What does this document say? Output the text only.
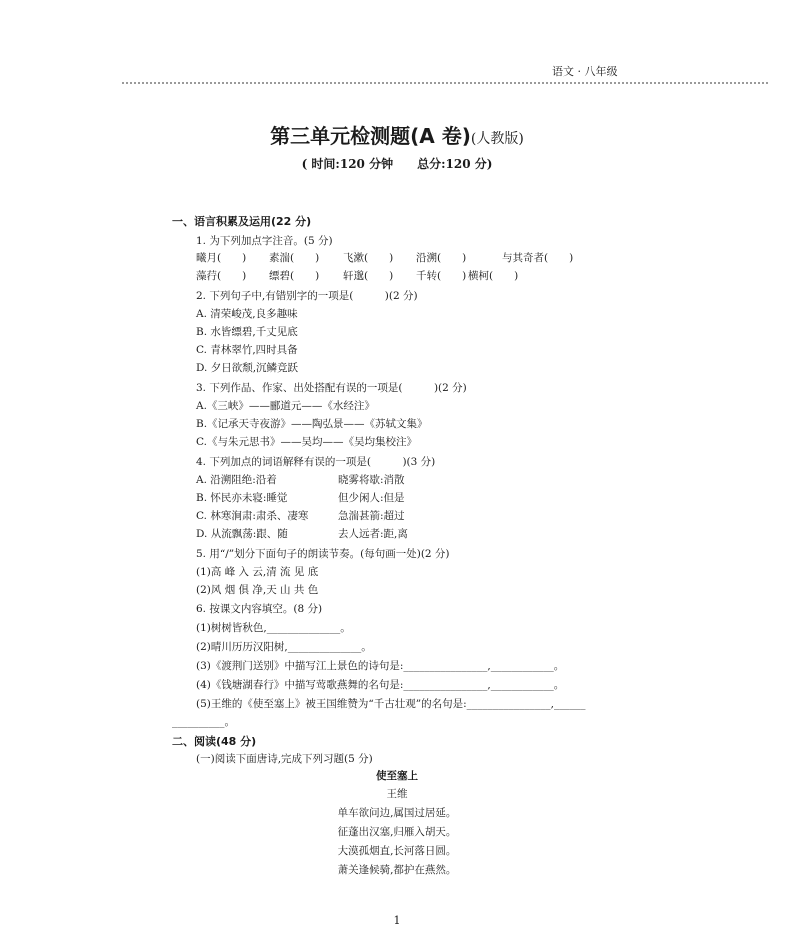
语文 · 八年级
第三单元检测题(A 卷)(人教版)
( 时间:120 分钟　　总分:120 分)
一、语言积累及运用(22 分)
1. 为下列加点字注音。(5 分)
曦月(　　) 素湍(　　) 飞漱(　　) 沿溯(　　)	与其奇者(　　)
藻荇(　　) 缥碧(　　) 轩邈(　　) 千转(　　) 横柯(　　)
2. 下列句子中,有错别字的一项是(　　　)(2 分)
A. 清荣峻茂,良多趣味
B. 水皆缥碧,千丈见底
C. 青林翠竹,四时具备
D. 夕日欲颓,沉鳞竞跃
3. 下列作品、作家、出处搭配有误的一项是(　　　)(2 分)
A.《三峡》——郦道元——《水经注》
B.《记承天寺夜游》——陶弘景——《苏轼文集》
C.《与朱元思书》——吴均——《吴均集校注》
4. 下列加点的词语解释有误的一项是(　　　)(3 分)
A. 沿溯阻绝:沿着	晓雾将歇:消散
B. 怀民亦未寝:睡觉	但少闲人:但是
C. 林寒涧肃:肃杀、凄寒	急湍甚箭:超过
D. 从流飘荡:跟、随	去人远者:距,离
5. 用“/”划分下面句子的朗读节奏。(每句画一处)(2 分)
(1)高 峰 入 云,清 流 见 底
(2)风 烟 俱 净,天 山 共 色
6. 按课文内容填空。(8 分)
(1)树树皆秋色,______________。
(2)晴川历历汉阳树,______________。
(3)《渡荆门送别》中描写江上景色的诗句是:________________,____________。
(4)《钱塘湖春行》中描写莺歌燕舞的名句是:________________,____________。
(5)王维的《使至塞上》被王国维赞为“千古壮观”的名句是:________________,______
__________。
二、阅读(48 分)
(一)阅读下面唐诗,完成下列习题(5 分)
使至塞上
王维
单车欲问边,属国过居延。
征蓬出汉塞,归雁入胡天。
大漠孤烟直,长河落日圆。
萧关逢候骑,都护在燕然。
1
